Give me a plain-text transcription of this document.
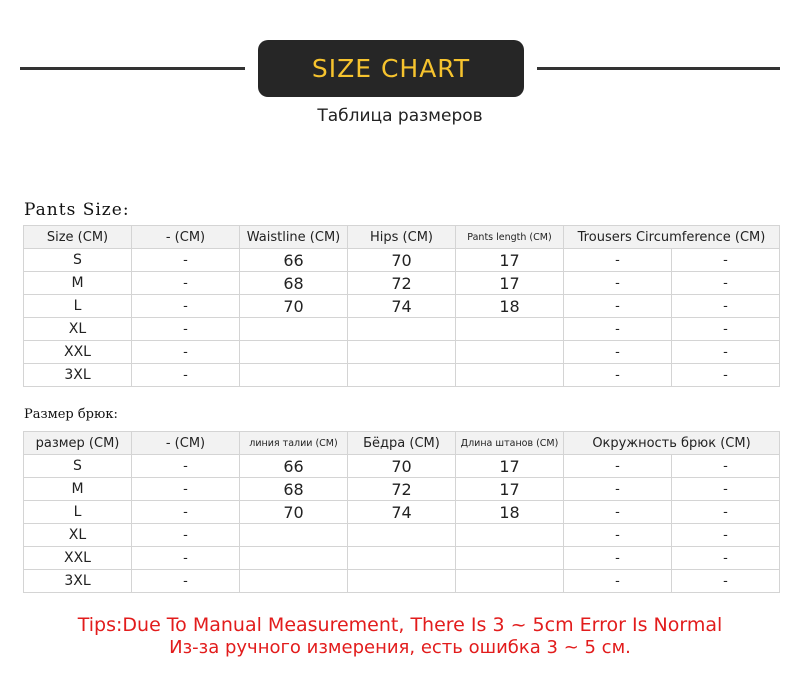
SIZE CHART
Таблица размеров
Pants Size:
Size (CM)	- (CM)	Waistline (CM)	Hips (CM)	Pants length (CM)	Trousers Circumference (CM)	
S	-	66	70	17	-	-
M	-	68	72	17	-	-
L	-	70	74	18	-	-
XL	-				-	-
XXL	-				-	-
3XL	-				-	-
Размер брюк:
размер (CM)	- (CM)	линия талии (CM)	Бёдра (CM)	Длина штанов (CM)	Окружность брюк (CM)	
S	-	66	70	17	-	-
M	-	68	72	17	-	-
L	-	70	74	18	-	-
XL	-				-	-
XXL	-				-	-
3XL	-				-	-
Tips:Due To Manual Measurement, There Is 3 ~ 5cm Error Is Normal
Из-за ручного измерения, есть ошибка 3 ~ 5 см.
